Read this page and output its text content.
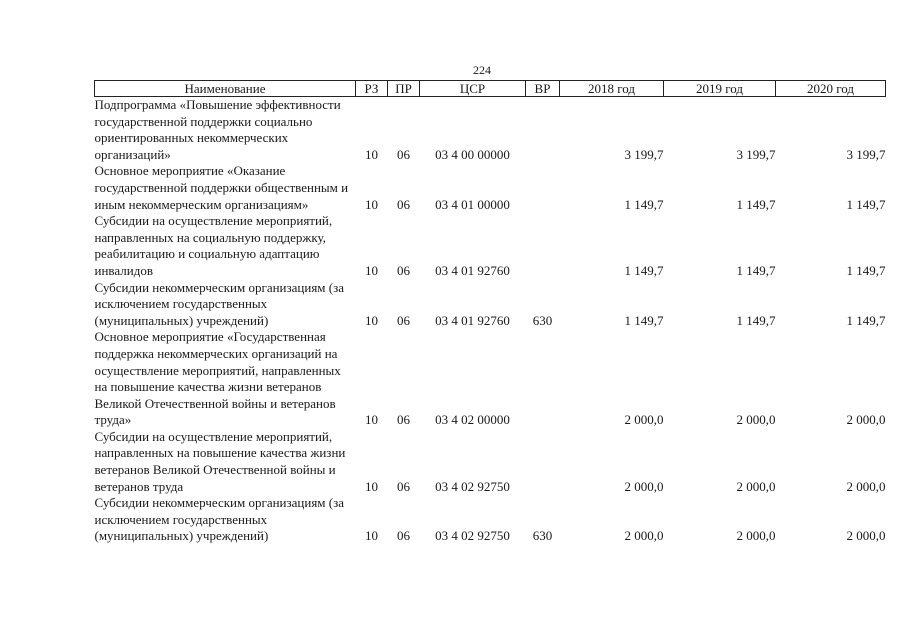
224
Наименование	РЗ	ПР	ЦСР	ВР	2018 год	2019 год	2020 год
Подпрограмма «Повышение эффективности государственной поддержки социально ориентированных некоммерческих организаций»	10	06	03 4 00 00000		3 199,7	3 199,7	3 199,7
Основное мероприятие «Оказание государственной поддержки общественным и иным некоммерческим организациям»	10	06	03 4 01 00000		1 149,7	1 149,7	1 149,7
Субсидии на осуществление мероприятий, направленных на социальную поддержку, реабилитацию и социальную адаптацию инвалидов	10	06	03 4 01 92760		1 149,7	1 149,7	1 149,7
Субсидии некоммерческим организациям (за исключением государственных (муниципальных) учреждений)	10	06	03 4 01 92760	630	1 149,7	1 149,7	1 149,7
Основное мероприятие «Государственная поддержка некоммерческих организаций на осуществление мероприятий, направленных на повышение качества жизни ветеранов Великой Отечественной войны и ветеранов труда»	10	06	03 4 02 00000		2 000,0	2 000,0	2 000,0
Субсидии на осуществление мероприятий, направленных на повышение качества жизни ветеранов Великой Отечественной войны и ветеранов труда	10	06	03 4 02 92750		2 000,0	2 000,0	2 000,0
Субсидии некоммерческим организациям (за исключением государственных (муниципальных) учреждений)	10	06	03 4 02 92750	630	2 000,0	2 000,0	2 000,0
